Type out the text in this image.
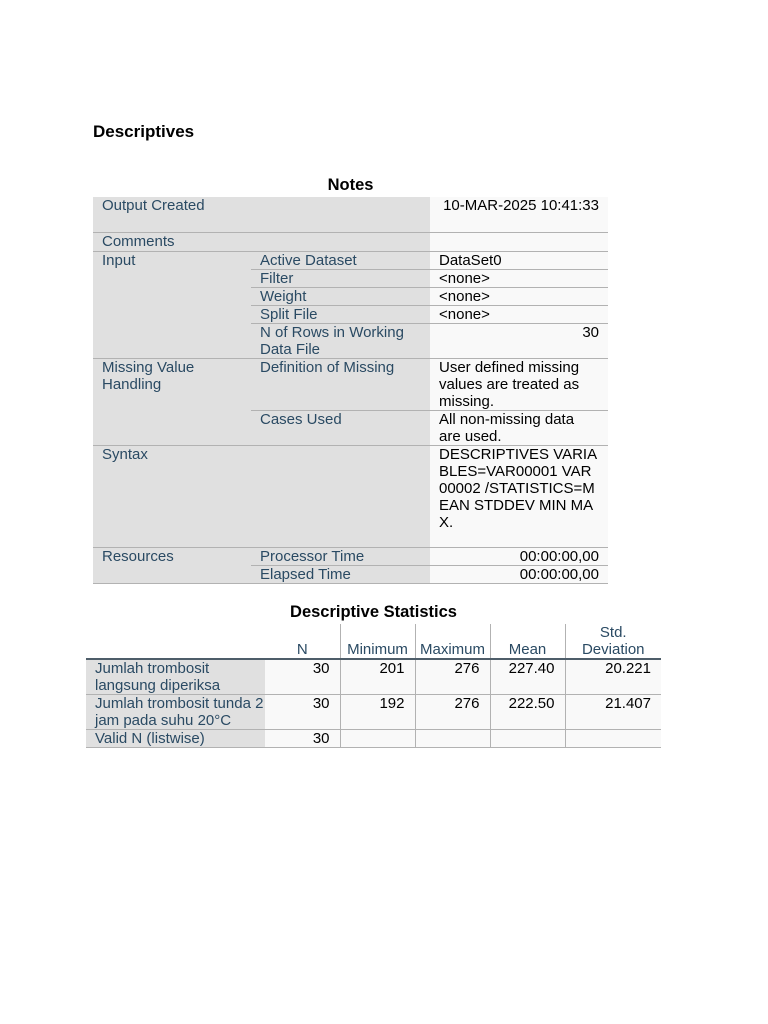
Descriptives
Notes
Output Created		10-MAR-2025 10:41:33
Comments		
Input	Active Dataset	DataSet0
	Filter	<none>
	Weight	<none>
	Split File	<none>
	N of Rows in Working Data File	30
Missing Value Handling	Definition of Missing	User defined missing values are treated as missing.
	Cases Used	All non-missing data are used.
Syntax		DESCRIPTIVES VARIABLES=VAR00001 VAR00002 /STATISTICS=MEAN STDDEV MIN MAX.
Resources	Processor Time	00:00:00,00
	Elapsed Time	00:00:00,00
Descriptive Statistics
	N	Minimum	Maximum	Mean	Std. Deviation
Jumlah trombosit langsung diperiksa	30	201	276	227.40	20.221
Jumlah trombosit tunda 2 jam pada suhu 20°C	30	192	276	222.50	21.407
Valid N (listwise)	30				
